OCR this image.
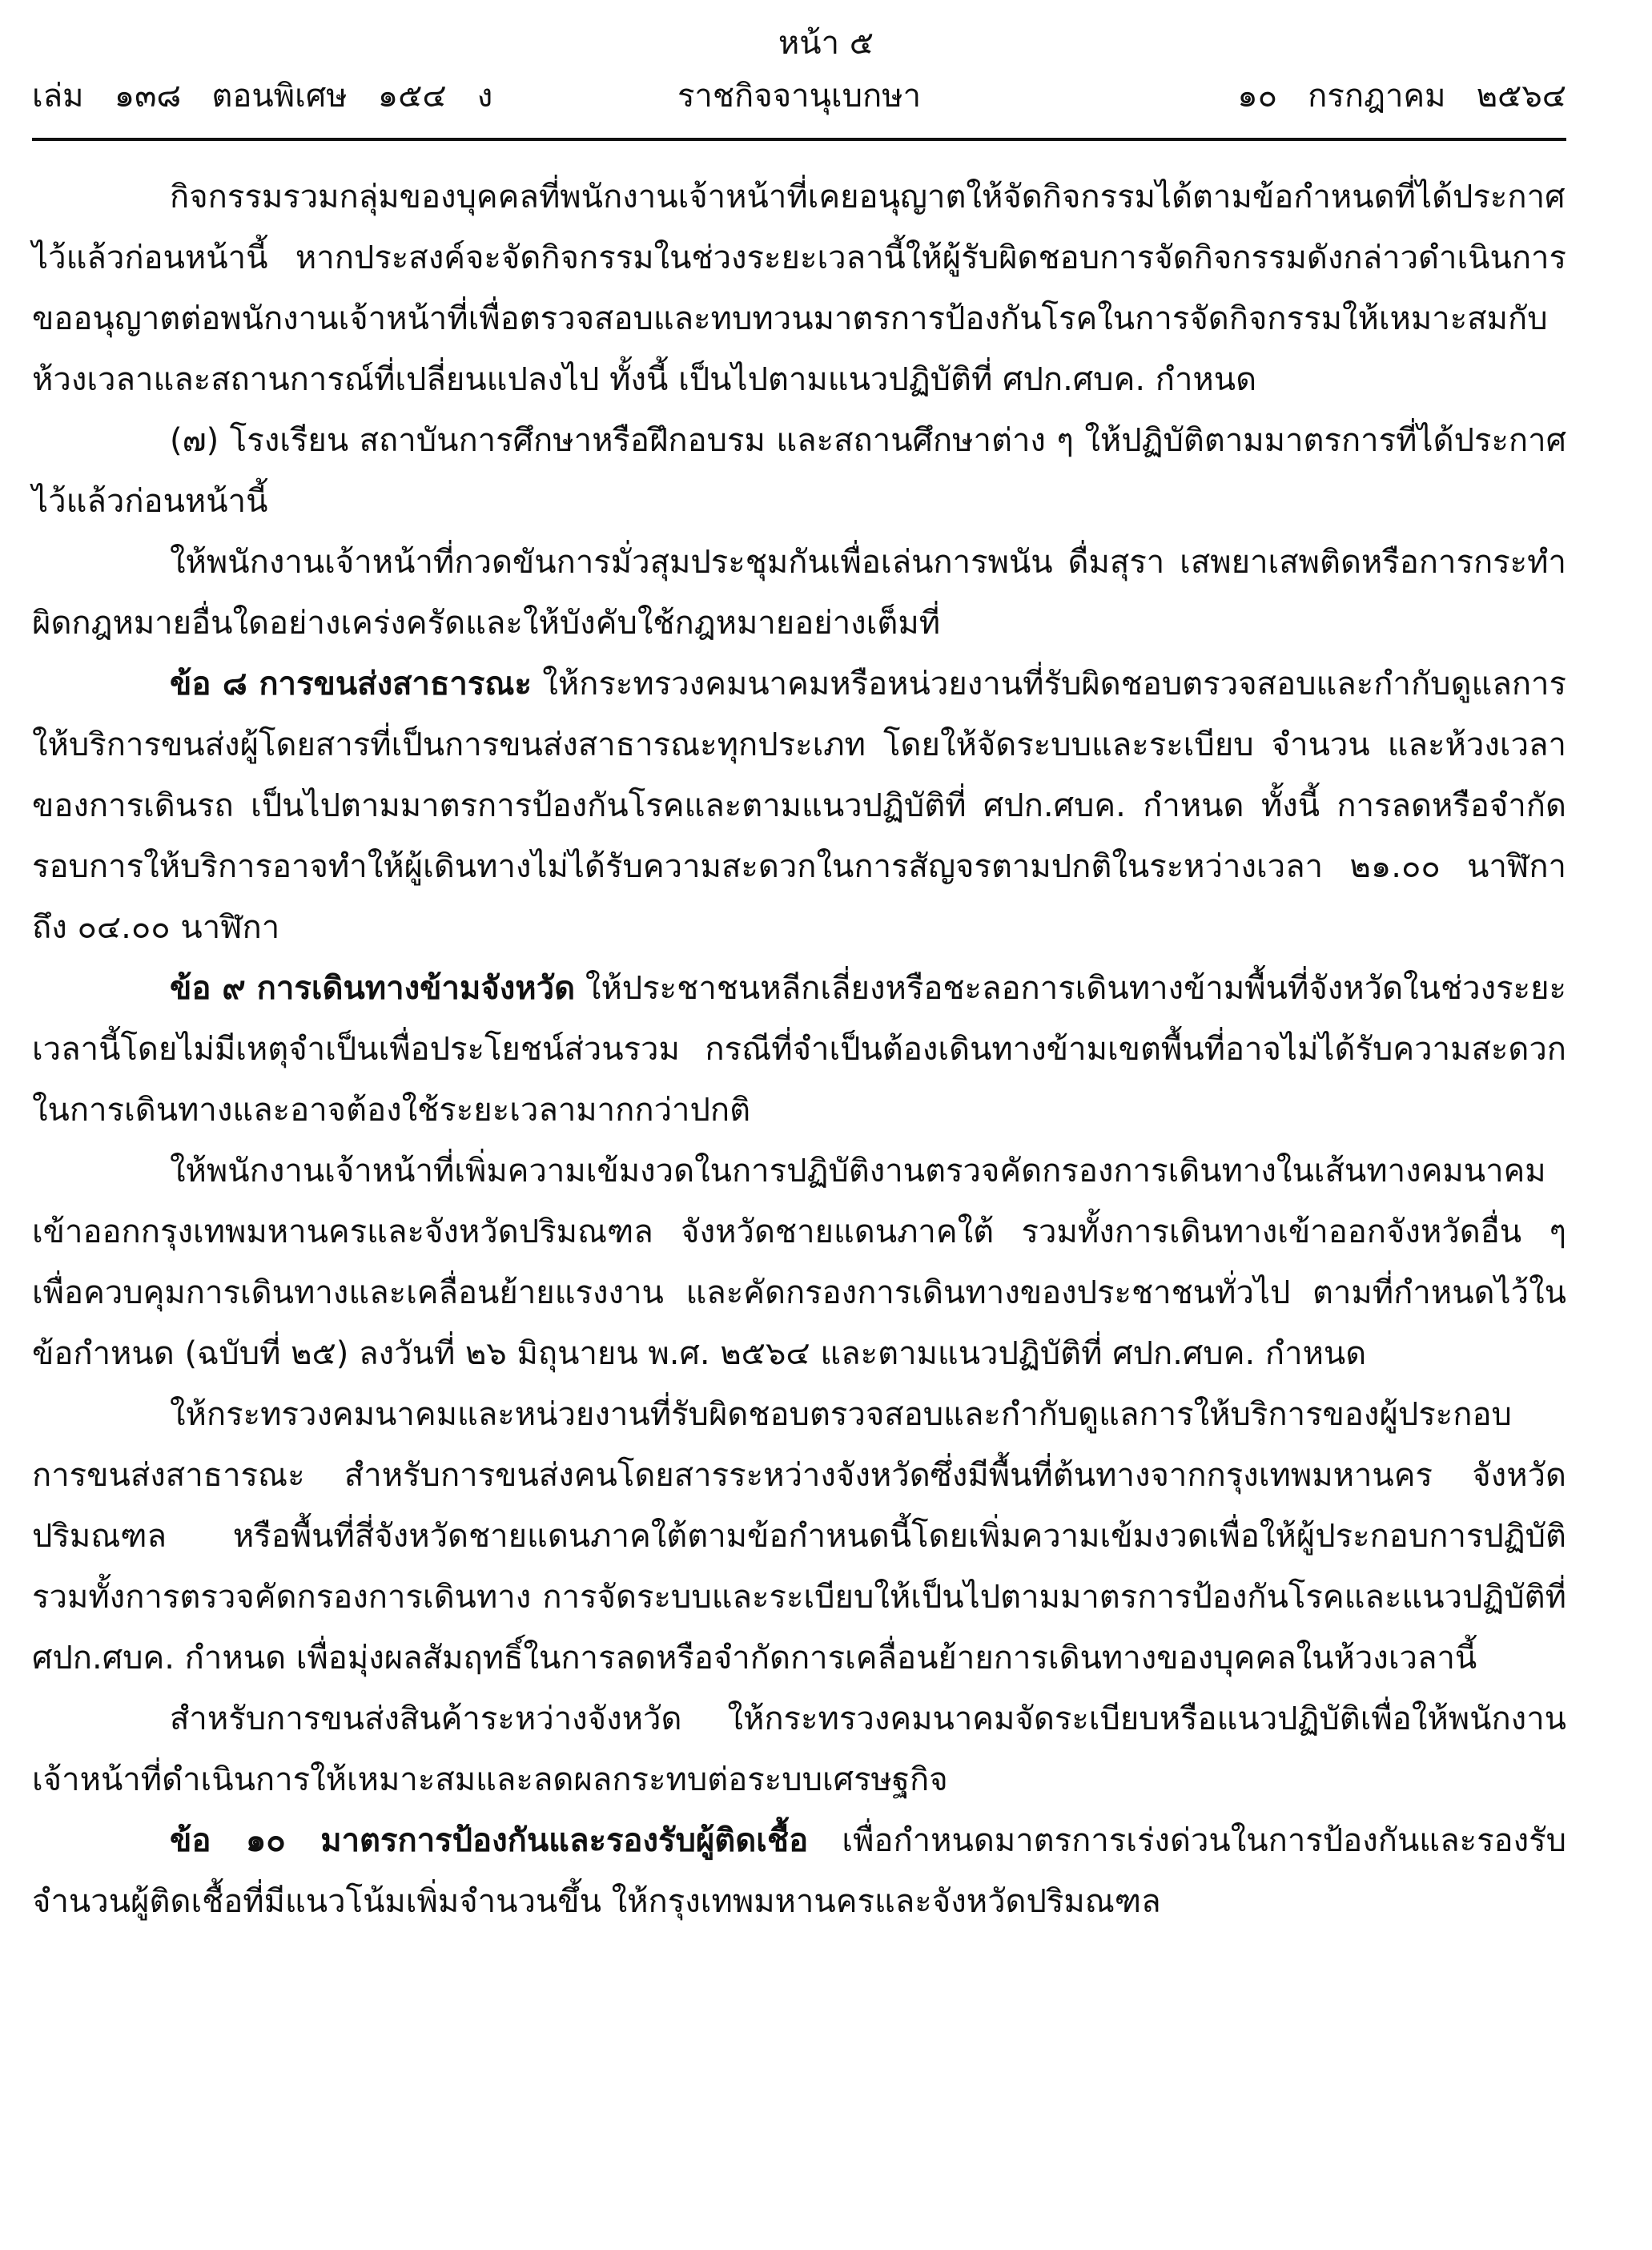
หน้า ๕
เล่ม   ๑๓๘   ตอนพิเศษ   ๑๕๔   ง	ราชกิจจานุเบกษา	๑๐   กรกฎาคม   ๒๕๖๔

กิจกรรมรวมกลุ่มของบุคคลที่พนักงานเจ้าหน้าที่เคยอนุญาตให้จัดกิจกรรมได้ตามข้อกำหนดที่ได้ประกาศไว้แล้วก่อนหน้านี้ หากประสงค์จะจัดกิจกรรมในช่วงระยะเวลานี้ให้ผู้รับผิดชอบการจัดกิจกรรมดังกล่าวดำเนินการขออนุญาตต่อพนักงานเจ้าหน้าที่เพื่อตรวจสอบและทบทวนมาตรการป้องกันโรคในการจัดกิจกรรมให้เหมาะสมกับห้วงเวลาและสถานการณ์ที่เปลี่ยนแปลงไป ทั้งนี้ เป็นไปตามแนวปฏิบัติที่ ศปก.ศบค. กำหนด

(๗) โรงเรียน สถาบันการศึกษาหรือฝึกอบรม และสถานศึกษาต่าง ๆ ให้ปฏิบัติตามมาตรการที่ได้ประกาศไว้แล้วก่อนหน้านี้

ให้พนักงานเจ้าหน้าที่กวดขันการมั่วสุมประชุมกันเพื่อเล่นการพนัน ดื่มสุรา เสพยาเสพติดหรือการกระทำผิดกฎหมายอื่นใดอย่างเคร่งครัดและให้บังคับใช้กฎหมายอย่างเต็มที่

ข้อ ๘ การขนส่งสาธารณะ ให้กระทรวงคมนาคมหรือหน่วยงานที่รับผิดชอบตรวจสอบและกำกับดูแลการให้บริการขนส่งผู้โดยสารที่เป็นการขนส่งสาธารณะทุกประเภท โดยให้จัดระบบและระเบียบ จำนวน และห้วงเวลาของการเดินรถ เป็นไปตามมาตรการป้องกันโรคและตามแนวปฏิบัติที่ ศปก.ศบค. กำหนด ทั้งนี้ การลดหรือจำกัดรอบการให้บริการอาจทำให้ผู้เดินทางไม่ได้รับความสะดวกในการสัญจรตามปกติในระหว่างเวลา ๒๑.๐๐ นาฬิกา ถึง ๐๔.๐๐ นาฬิกา

ข้อ ๙ การเดินทางข้ามจังหวัด ให้ประชาชนหลีกเลี่ยงหรือชะลอการเดินทางข้ามพื้นที่จังหวัดในช่วงระยะเวลานี้โดยไม่มีเหตุจำเป็นเพื่อประโยชน์ส่วนรวม กรณีที่จำเป็นต้องเดินทางข้ามเขตพื้นที่อาจไม่ได้รับความสะดวกในการเดินทางและอาจต้องใช้ระยะเวลามากกว่าปกติ

ให้พนักงานเจ้าหน้าที่เพิ่มความเข้มงวดในการปฏิบัติงานตรวจคัดกรองการเดินทางในเส้นทางคมนาคมเข้าออกกรุงเทพมหานครและจังหวัดปริมณฑล จังหวัดชายแดนภาคใต้ รวมทั้งการเดินทางเข้าออกจังหวัดอื่น ๆ เพื่อควบคุมการเดินทางและเคลื่อนย้ายแรงงาน และคัดกรองการเดินทางของประชาชนทั่วไป ตามที่กำหนดไว้ในข้อกำหนด (ฉบับที่ ๒๕) ลงวันที่ ๒๖ มิถุนายน พ.ศ. ๒๕๖๔ และตามแนวปฏิบัติที่ ศปก.ศบค. กำหนด

ให้กระทรวงคมนาคมและหน่วยงานที่รับผิดชอบตรวจสอบและกำกับดูแลการให้บริการของผู้ประกอบการขนส่งสาธารณะ สำหรับการขนส่งคนโดยสารระหว่างจังหวัดซึ่งมีพื้นที่ต้นทางจากกรุงเทพมหานคร จังหวัดปริมณฑล หรือพื้นที่สี่จังหวัดชายแดนภาคใต้ตามข้อกำหนดนี้โดยเพิ่มความเข้มงวดเพื่อให้ผู้ประกอบการปฏิบัติ รวมทั้งการตรวจคัดกรองการเดินทาง การจัดระบบและระเบียบให้เป็นไปตามมาตรการป้องกันโรคและแนวปฏิบัติที่ ศปก.ศบค. กำหนด เพื่อมุ่งผลสัมฤทธิ์ในการลดหรือจำกัดการเคลื่อนย้ายการเดินทางของบุคคลในห้วงเวลานี้

สำหรับการขนส่งสินค้าระหว่างจังหวัด ให้กระทรวงคมนาคมจัดระเบียบหรือแนวปฏิบัติเพื่อให้พนักงานเจ้าหน้าที่ดำเนินการให้เหมาะสมและลดผลกระทบต่อระบบเศรษฐกิจ

ข้อ ๑๐ มาตรการป้องกันและรองรับผู้ติดเชื้อ เพื่อกำหนดมาตรการเร่งด่วนในการป้องกันและรองรับจำนวนผู้ติดเชื้อที่มีแนวโน้มเพิ่มจำนวนขึ้น ให้กรุงเทพมหานครและจังหวัดปริมณฑล
